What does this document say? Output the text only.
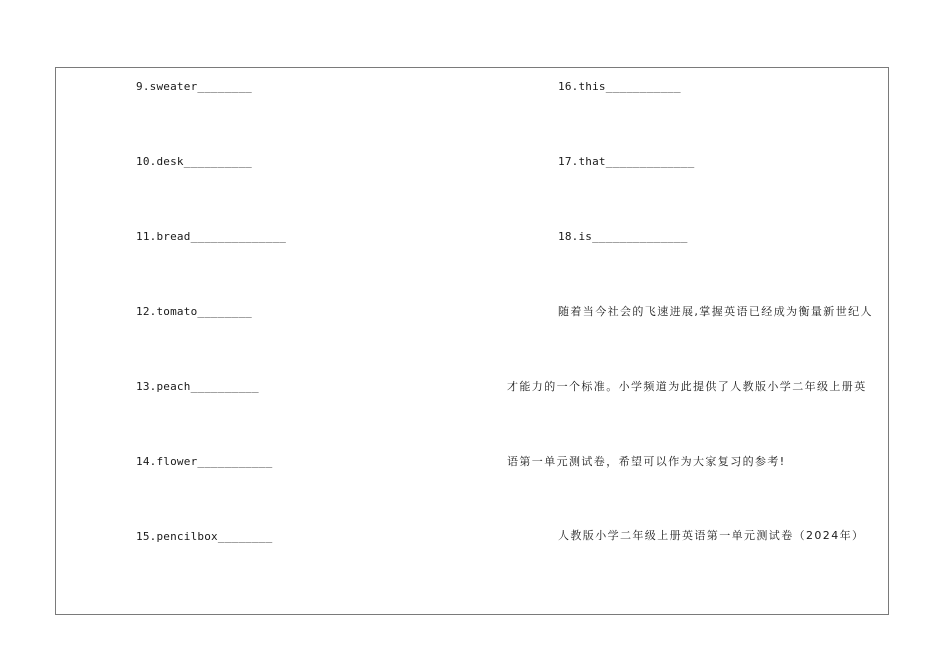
9.sweater________
10.desk__________
11.bread______________
12.tomato________
13.peach__________
14.flower___________
15.pencilbox________
16.this___________
17.that_____________
18.is______________
随着当今社会的飞速进展,掌握英语已经成为衡量新世纪人
才能力的一个标准。小学频道为此提供了人教版小学二年级上册英
语第一单元测试卷，希望可以作为大家复习的参考!
人教版小学二年级上册英语第一单元测试卷（2024年）
